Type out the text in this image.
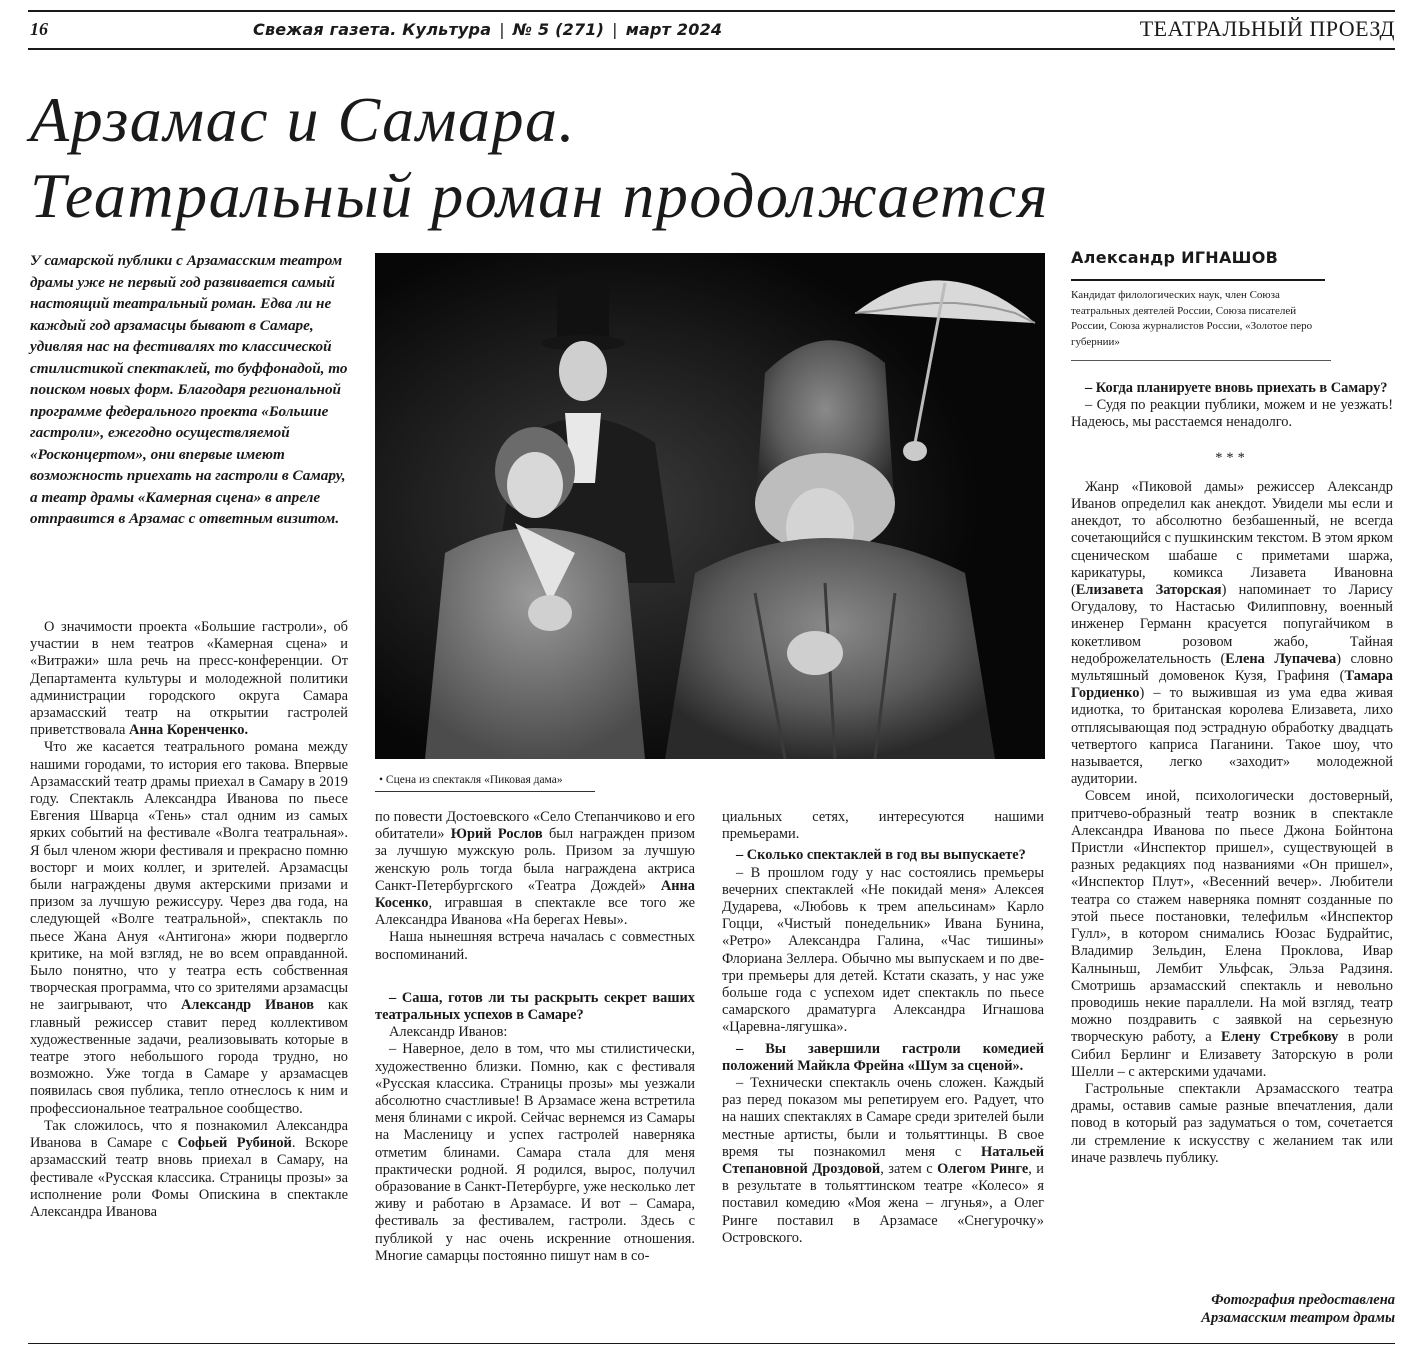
16	Свежая газета. Культура | № 5 (271) | март 2024	ТЕАТРАЛЬНЫЙ ПРОЕЗД
Арзамас и Самара.
Театральный роман продолжается

У самарской публики с Арзамасским театром драмы уже не первый год развивается самый настоящий театральный роман. Едва ли не каждый год арзамасцы бывают в Самаре, удивляя нас на фестивалях то классической стилистикой спектаклей, то буффонадой, то поиском новых форм. Благодаря региональной программе федерального проекта «Большие гастроли», ежегодно осуществляемой «Росконцертом», они впервые имеют возможность приехать на гастроли в Самару, а театр драмы «Камерная сцена» в апреле отправится в Арзамас с ответным визитом.

• Сцена из спектакля «Пиковая дама»
Александр ИГНАШОВ
Кандидат филологических наук, член Союза театральных деятелей России, Союза писателей России, Союза журналистов России, «Золотое перо губернии»

О значимости проекта «Большие гастроли», об участии в нем театров «Камерная сцена» и «Витражи» шла речь на пресс-конференции. От Департамента культуры и молодежной политики администрации городского округа Самара арзамасский театр на открытии гастролей приветствовала Анна Коренченко.

Что же касается театрального романа между нашими городами, то история его такова. Впервые Арзамасский театр драмы приехал в Самару в 2019 году. Спектакль Александра Иванова по пьесе Евгения Шварца «Тень» стал одним из самых ярких событий на фестивале «Волга театральная». Я был членом жюри фестиваля и прекрасно помню восторг и моих коллег, и зрителей. Арзамасцы были награждены двумя актерскими призами и призом за лучшую режиссуру. Через два года, на следующей «Волге театральной», спектакль по пьесе Жана Ануя «Антигона» жюри подвергло критике, на мой взгляд, не во всем оправданной. Было понятно, что у театра есть собственная творческая программа, что со зрителями арзамасцы не заигрывают, что Александр Иванов как главный режиссер ставит перед коллективом художественные задачи, реализовывать которые в театре этого небольшого города трудно, но возможно. Уже тогда в Самаре у арзамасцев появилась своя публика, тепло отнеслось к ним и профессиональное театральное сообщество.

Так сложилось, что я познакомил Александра Иванова в Самаре с Софьей Рубиной. Вскоре арзамасский театр вновь приехал в Самару, на фестивале «Русская классика. Страницы прозы» за исполнение роли Фомы Опискина в спектакле Александра Иванова

по повести Достоевского «Село Степанчиково и его обитатели» Юрий Рослов был награжден призом за лучшую мужскую роль. Призом за лучшую женскую роль тогда была награждена актриса Санкт-Петербургского «Театра Дождей» Анна Косенко, игравшая в спектакле все того же Александра Иванова «На берегах Невы».

Наша нынешняя встреча началась с совместных воспоминаний.

– Саша, готов ли ты раскрыть секрет ваших театральных успехов в Самаре?

Александр Иванов:

– Наверное, дело в том, что мы стилистически, художественно близки. Помню, как с фестиваля «Русская классика. Страницы прозы» мы уезжали абсолютно счастливые! В Арзамасе жена встретила меня блинами с икрой. Сейчас вернемся из Самары на Масленицу и успех гастролей наверняка отметим блинами. Самара стала для меня практически родной. Я родился, вырос, получил образование в Санкт-Петербурге, уже несколько лет живу и работаю в Арзамасе. И вот – Самара, фестиваль за фестивалем, гастроли. Здесь с публикой у нас очень искренние отношения. Многие самарцы постоянно пишут нам в со-

циальных сетях, интересуются нашими премьерами.

– Сколько спектаклей в год вы выпускаете?

– В прошлом году у нас состоялись премьеры вечерних спектаклей «Не покидай меня» Алексея Дударева, «Любовь к трем апельсинам» Карло Гоцци, «Чистый понедельник» Ивана Бунина, «Ретро» Александра Галина, «Час тишины» Флориана Зеллера. Обычно мы выпускаем и по две-три премьеры для детей. Кстати сказать, у нас уже больше года с успехом идет спектакль по пьесе самарского драматурга Александра Игнашова «Царевна-лягушка».

– Вы завершили гастроли комедией положений Майкла Фрейна «Шум за сценой».

– Технически спектакль очень сложен. Каждый раз перед показом мы репетируем его. Радует, что на наших спектаклях в Самаре среди зрителей были местные артисты, были и тольяттинцы. В свое время ты познакомил меня с Натальей Степановной Дроздовой, затем с Олегом Ринге, и в результате в тольяттинском театре «Колесо» я поставил комедию «Моя жена – лгунья», а Олег Ринге поставил в Арзамасе «Снегурочку» Островского.

– Когда планируете вновь приехать в Самару?

– Судя по реакции публики, можем и не уезжать! Надеюсь, мы расстаемся ненадолго.

***

Жанр «Пиковой дамы» режиссер Александр Иванов определил как анекдот. Увидели мы если и анекдот, то абсолютно безбашенный, не всегда сочетающийся с пушкинским текстом. В этом ярком сценическом шабаше с приметами шаржа, карикатуры, комикса Лизавета Ивановна (Елизавета Заторская) напоминает то Ларису Огудалову, то Настасью Филипповну, военный инженер Германн красуется попугайчиком в кокетливом розовом жабо, Тайная недоброжелательность (Елена Лупачева) словно мультяшный домовенок Кузя, Графиня (Тамара Гордиенко) – то выжившая из ума едва живая идиотка, то британская королева Елизавета, лихо отплясывающая под эстрадную обработку двадцать четвертого каприса Паганини. Такое шоу, что называется, легко «заходит» молодежной аудитории.

Совсем иной, психологически достоверный, притчево-образный театр возник в спектакле Александра Иванова по пьесе Джона Бойнтона Пристли «Инспектор пришел», существующей в разных редакциях под названиями «Он пришел», «Инспектор Плут», «Весенний вечер». Любители театра со стажем наверняка помнят созданные по этой пьесе постановки, телефильм «Инспектор Гулл», в котором снимались Юозас Будрайтис, Владимир Зельдин, Елена Проклова, Ивар Калныньш, Лембит Ульфсак, Эльза Радзиня. Смотришь арзамасский спектакль и невольно проводишь некие параллели. На мой взгляд, театр можно поздравить с заявкой на серьезную творческую работу, а Елену Стребкову в роли Сибил Берлинг и Елизавету Заторскую в роли Шелли – с актерскими удачами.

Гастрольные спектакли Арзамасского театра драмы, оставив самые разные впечатления, дали повод в который раз задуматься о том, сочетается ли стремление к искусству с желанием так или иначе развлечь публику.

Фотография предоставлена
Арзамасским театром драмы
